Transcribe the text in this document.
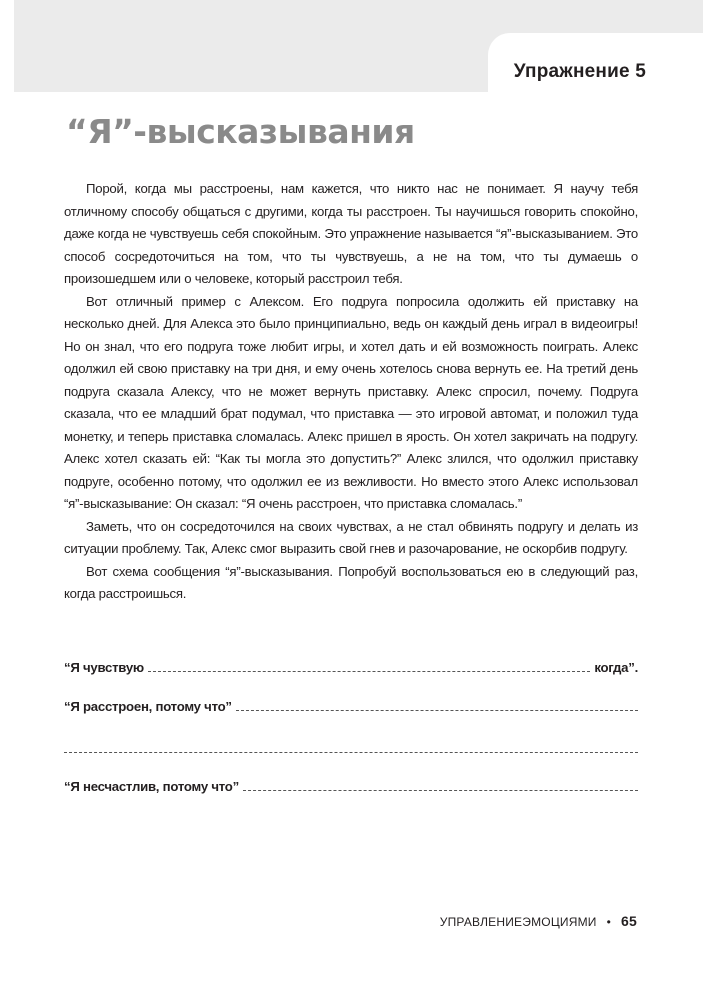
Упражнение 5
“Я”-высказывания

Порой, когда мы расстроены, нам кажется, что никто нас не понимает. Я научу тебя отличному способу общаться с другими, когда ты расстроен. Ты научишься говорить спокойно, даже когда не чувствуешь себя спокойным. Это упражнение называется “я”-высказыванием. Это способ сосредоточиться на том, что ты чувствуешь, а не на том, что ты думаешь о произошедшем или о человеке, который расстроил тебя.

Вот отличный пример с Алексом. Его подруга попросила одолжить ей приставку на несколько дней. Для Алекса это было принципиально, ведь он каждый день играл в видеоигры! Но он знал, что его подруга тоже любит игры, и хотел дать и ей возможность поиграть. Алекс одолжил ей свою приставку на три дня, и ему очень хотелось снова вернуть ее. На третий день подруга сказала Алексу, что не может вернуть приставку. Алекс спросил, почему. Подруга сказала, что ее младший брат подумал, что приставка — это игровой автомат, и положил туда монетку, и теперь приставка сломалась. Алекс пришел в ярость. Он хотел закричать на подругу. Алекс хотел сказать ей: “Как ты могла это допустить?” Алекс злился, что одолжил приставку подруге, особенно потому, что одолжил ее из вежливости. Но вместо этого Алекс использовал “я”-высказывание: Он сказал: “Я очень расстроен, что приставка сломалась.”

Заметь, что он сосредоточился на своих чувствах, а не стал обвинять подругу и делать из ситуации проблему. Так, Алекс смог выразить свой гнев и разочарование, не оскорбив подругу.

Вот схема сообщения “я”-высказывания. Попробуй воспользоваться ею в следующий раз, когда расстроишься.

“Я чувствую	когда”.
“Я расстроен, потому что”
“Я несчастлив, потому что”
УПРАВЛЕНИЕЭМОЦИЯМИ • 65
